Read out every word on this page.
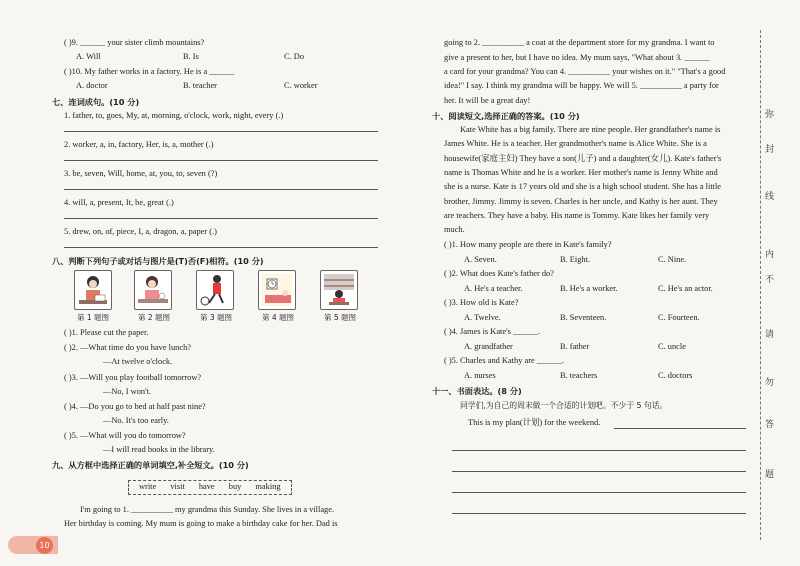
( )9. ______ your sister climb mountains?
A. Will	B. Is	C. Do
( )10. My father works in a factory. He is a ______
A. doctor	B. teacher	C. worker
七、连词成句。(10 分)
1. father, to, goes, My, at, morning, o'clock, work, night, every (.)
2. worker, a, in, factory, Her, is, a, mother (.)
3. be, seven, Will, home, at, you, to, seven (?)
4. will, a, present, It, be, great (.)
5. drew, on, of, piece, I, a, dragon, a, paper (.)
八、判断下列句子或对话与图片是(T)否(F)相符。(10 分)
第 1 题图	第 2 题图	第 3 题图	第 4 题图	第 5 题图
( )1. Please cut the paper.
( )2. —What time do you have lunch?
—At twelve o'clock.
( )3. —Will you play football tomorrow?
—No, I won't.
( )4. —Do you go to bed at half past nine?
—No. It's too early.
( )5. —What will you do tomorrow?
—I will read books in the library.
九、从方框中选择正确的单词填空,补全短文。(10 分)
write visit have buy making
I'm going to 1. __________ my grandma this Sunday. She lives in a village.
Her birthday is coming. My mum is going to make a birthday cake for her. Dad is
10
going to 2. __________ a coat at the department store for my grandma. I want to
give a present to her, but I have no idea. My mum says, "What about 3. ______
a card for your grandma? You can 4. __________ your wishes on it." "That's a good
idea!" I say. I think my grandma will be happy. We will 5. __________ a party for
her. It will be a great day!
十、阅读短文,选择正确的答案。(10 分)
Kate White has a big family. There are nine people. Her grandfather's name is
James White. He is a teacher. Her grandmother's name is Alice White. She is a
housewife(家庭主妇) They have a son(儿子) and a daughter(女儿). Kate's father's
name is Thomas White and he is a worker. Her mother's name is Jenny White and
she is a nurse. Kate is 17 years old and she is a high school student. She has a little
brother, Jimmy. Jimmy is seven. Charles is her uncle, and Kathy is her aunt. They
are teachers. They have a baby. His name is Tommy. Kate likes her family very
much.
( )1. How many people are there in Kate's family?
A. Seven.	B. Eight.	C. Nine.
( )2. What does Kate's father do?
A. He's a teacher.	B. He's a worker.	C. He's an actor.
( )3. How old is Kate?
A. Twelve.	B. Seventeen.	C. Fourteen.
( )4. James is Kate's ______.
A. grandfather	B. father	C. uncle
( )5. Charles and Kathy are ______.
A. nurses	B. teachers	C. doctors
十一、书面表达。(8 分)
同学们,为自己的周末做一个合适的计划吧。不少于 5 句话。
This is my plan(计划) for the weekend.
弥
封
线
内
不
请
勿
答
题
